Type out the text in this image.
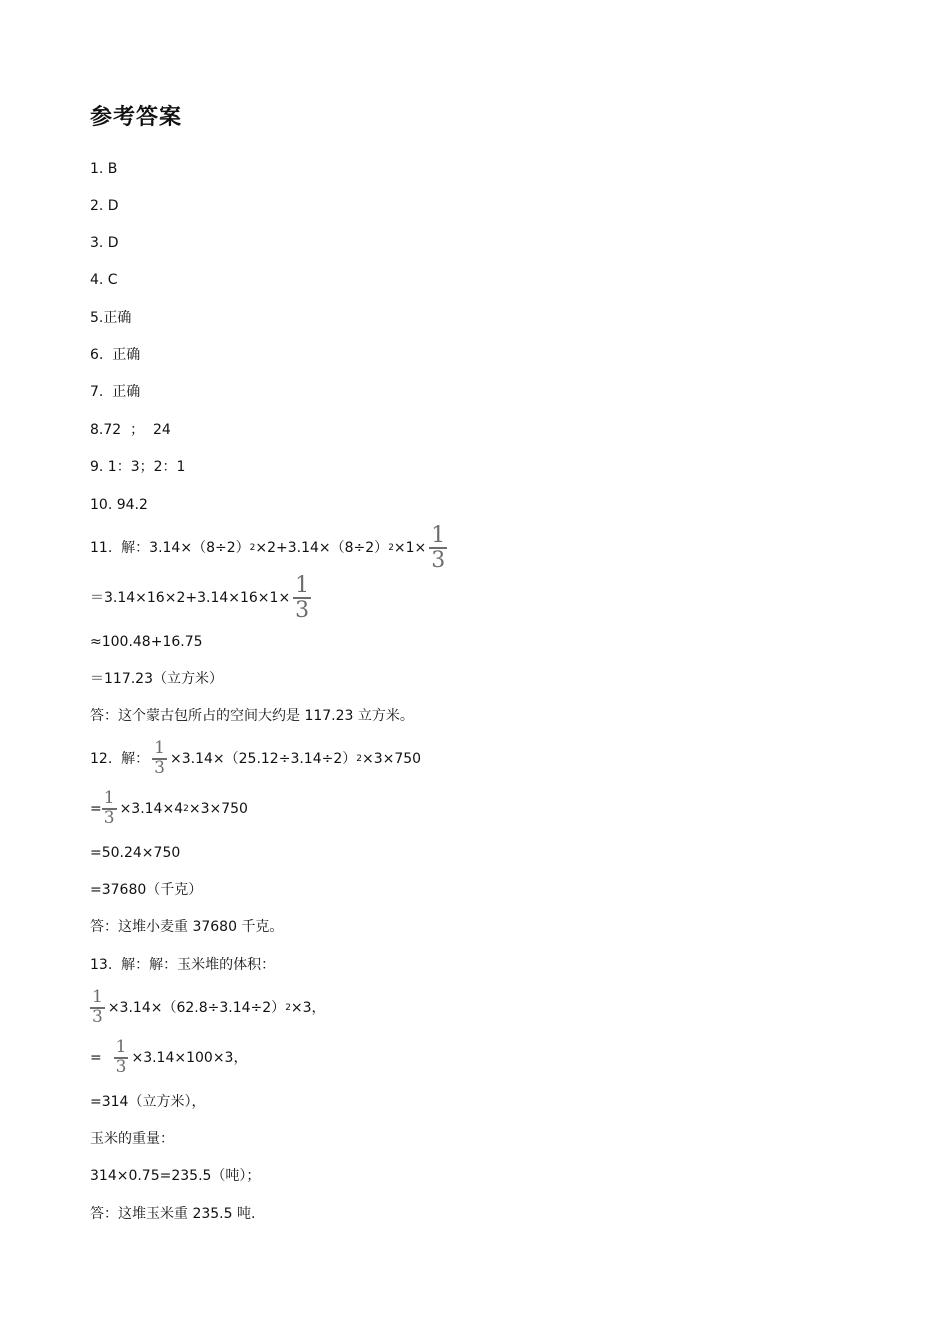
参考答案
1. B
2. D
3. D
4. C
5.正确
6.  正确
7.  正确
8.72  ；  24
9. 1：3；2：1
10. 94.2
11.  解：3.14×（8÷2） 2 ×2+3.14×（8÷2） $2 \times 1\times \frac{1}{3}$
$=3.14\times 16\times 2+3.14\times 16\times 1\times \frac{1}{3}$
≈100.48+16.75
＝117.23（立方米）
答：这个蒙古包所占的空间大约是 117.23 立方米。
12.  解： $\frac{1}{3} \times 3.14\times(25.12\div 3.14\div 2)$ 2 ×3×750
= $\frac{1}{3} \times 3.14\times 4$ 2 ×3×750
=50.24×750
=37680（千克）
答：这堆小麦重 37680 千克。
13.  解：解：玉米堆的体积：
$\frac{1}{3} \times 3.14\times(62.8\div 3.14\div 2)$ 2 ×3，
= $\frac{1}{3} \times 3.14\times 100\times 3$，
=314（立方米），
玉米的重量：
314×0.75=235.5（吨）；
答：这堆玉米重 235.5 吨.
